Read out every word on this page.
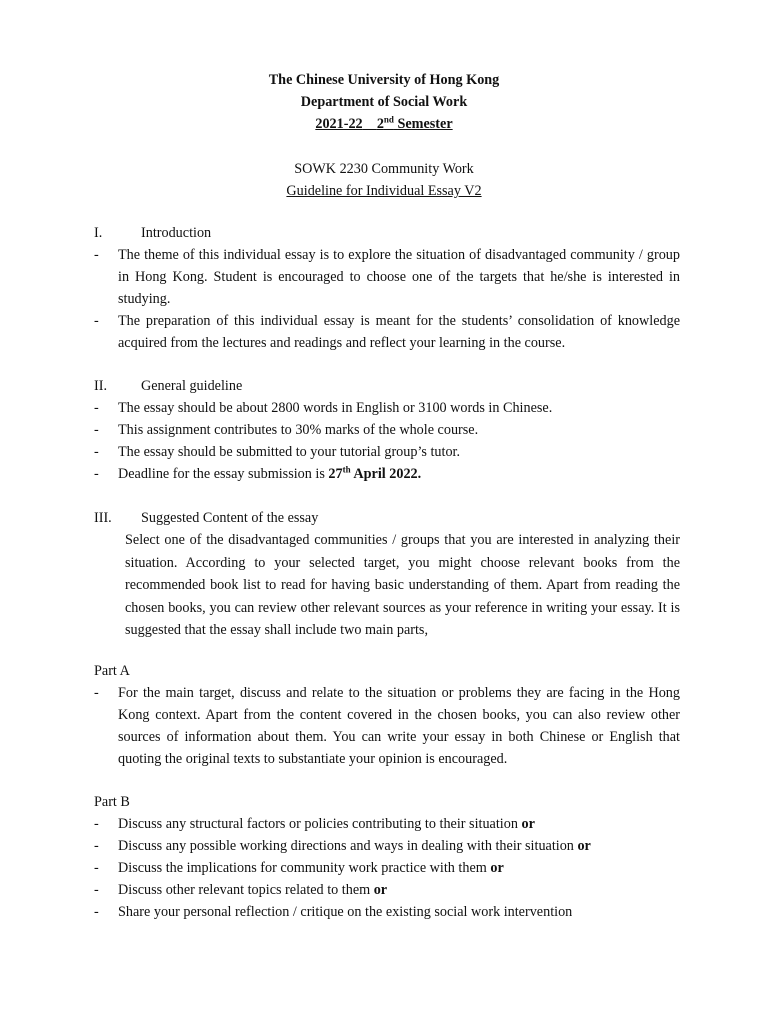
The Chinese University of Hong Kong
Department of Social Work
2021-22 2nd Semester
SOWK 2230 Community Work
Guideline for Individual Essay V2
I.	Introduction
- The theme of this individual essay is to explore the situation of disadvantaged community / group in Hong Kong. Student is encouraged to choose one of the targets that he/she is interested in studying.
- The preparation of this individual essay is meant for the students’ consolidation of knowledge acquired from the lectures and readings and reflect your learning in the course.
II. General guideline
- The essay should be about 2800 words in English or 3100 words in Chinese.
- This assignment contributes to 30% marks of the whole course.
- The essay should be submitted to your tutorial group’s tutor.
- Deadline for the essay submission is 27th April 2022.
III. Suggested Content of the essay
Select one of the disadvantaged communities / groups that you are interested in analyzing their situation. According to your selected target, you might choose relevant books from the recommended book list to read for having basic understanding of them. Apart from reading the chosen books, you can review other relevant sources as your reference in writing your essay. It is suggested that the essay shall include two main parts,
Part A
- For the main target, discuss and relate to the situation or problems they are facing in the Hong Kong context. Apart from the content covered in the chosen books, you can also review other sources of information about them. You can write your essay in both Chinese or English that quoting the original texts to substantiate your opinion is encouraged.
Part B
- Discuss any structural factors or policies contributing to their situation or
- Discuss any possible working directions and ways in dealing with their situation or
- Discuss the implications for community work practice with them or
- Discuss other relevant topics related to them or
- Share your personal reflection / critique on the existing social work intervention
